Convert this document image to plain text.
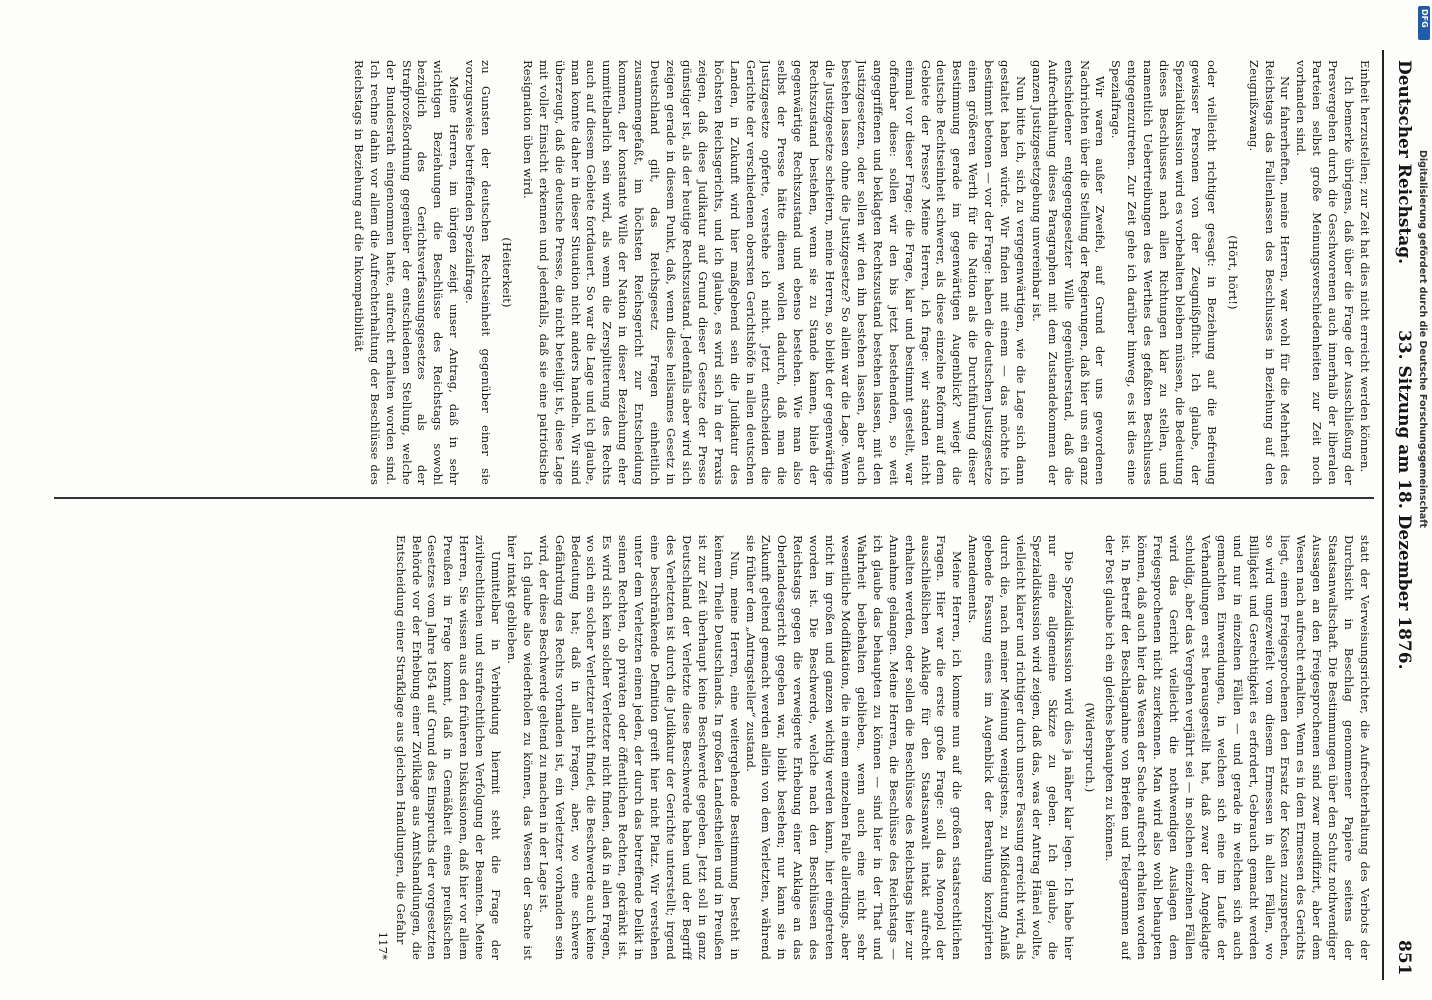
Deutscher Reichstag.
33. Sitzung am 18. Dezember 1876.
851

Einheit herzustellen; zur Zeit hat dies nicht erreicht werden können.

Ich bemerke übrigens, daß über die Frage der Ausschließung der Presvergehen durch die Geschworenen auch innerhalb der liberalen Parteien selbst große Meinungsverschiedenheiten zur Zeit noch vorhanden sind.

Nur fahrerheften, meine Herren, war wohl für die Mehrheit des Reichstags das Fallenlassen des Beschlusses in Beziehung auf den Zeugnißzwang.

(Hört, hört!)

oder vielleicht richtiger gesagt: in Beziehung auf die Befreiung gewisser Personen von der Zeugnißpflicht. Ich glaube, der Spezialdiskussion wird es vorbehalten bleiben müssen, die Bedeutung dieses Beschlusses nach allen Richtungen klar zu stellen, und namentlich Uebertreibungen des Werthes des gefaßten Beschlusses entgegenzutreten. Zur Zeit gehe ich darüber hinweg, es ist dies eine Spezialfrage.

Wir waren außer Zweifel, auf Grund der uns gewordenen Nachrichten über die Stellung der Regierungen, daß hier uns ein ganz entschiedener entgegengesetzter Wille gegenüberstand, daß die Aufrechthaltung dieses Paragraphen mit dem Zustandekommen der ganzen Justizgesetzgebung unvereinbar ist.

Nun bitte ich, sich zu vergegenwärtigen, wie die Lage sich dann gestaltet haben würde. Wir finden mit einem — das möchte ich bestimmt betonen — vor der Frage: haben die deutschen Justizgesetze einen größeren Werth für die Nation als die Durchführung dieser Bestimmung gerade im gegenwärtigen Augenblick? wiegt die deutsche Rechtseinheit schwerer, als diese einzelne Reform auf dem Gebiete der Presse? Meine Herren, ich frage: wir standen nicht einmal vor dieser Frage; die Frage, klar und bestimmt gestellt, war offenbar diese: sollen wir den bis jetzt bestehenden, so weit angegriffenen und beklagten Rechtszustand bestehen lassen, mit den Justizgesetzen, oder sollen wir den ihn bestehen lassen, aber auch bestehen lassen ohne die Justizgesetze? So allein war die Lage. Wenn die Justizgesetze scheitern, meine Herren, so bleibt der gegenwärtige Rechtszustand bestehen, wenn sie zu Stande kamen, blieb der gegenwärtige Rechtszustand und ebenso bestehen. Wie man also selbst der Presse hätte dienen wollen dadurch, daß man die Justizgesetze opferte, verstehe ich nicht. Jetzt entscheiden die Gerichte der verschiedenen obersten Gerichtshöfe in allen deutschen Landen, in Zukunft wird hier maßgebend sein die Judikatur des höchsten Reichsgerichts, und ich glaube, es wird sich in der Praxis zeigen, daß diese Judikatur auf Grund dieser Gesetze der Presse günstiger ist, als der heutige Rechtszustand. Jedenfalls aber wird sich zeigen gerade in diesem Punkt, daß, wenn diese heilsames Gesetz in Deutschland gilt, das Reichsgesetz Fragen einheitlich zusammengefaßt, im höchsten Reichsgericht zur Entscheidung kommen, der konstante Wille der Nation in dieser Beziehung eher unmittelbarlich sein wird, als wenn die Zersplitterung des Rechts auch auf diesem Gebiete fortdauert. So war die Lage und ich glaube, man konnte daher in dieser Situation nicht anders handeln. Wir sind überzeugt, daß die deutsche Presse, die nicht beteiligt ist, diese Lage mit voller Einsicht erkennen und jedenfalls, daß sie eine patriotische Resignation üben wird.

(Heiterkeit)

zu Gunsten der deutschen Rechtseinheit gegenüber einer sie vorzugsweise betreffenden Spezialfrage.

Meine Herren, im übrigen zeigt unser Antrag, daß in sehr wichtigen Beziehungen die Beschlüsse des Reichstags sowohl bezüglich des Gerichtsverfassungsgesetzes als der Strafprozeßordnung gegenüber der entschiedenen Stellung, welche der Bundesrath eingenommen hatte, aufrecht erhalten worden sind. Ich rechne dahin vor allem die Aufrechterhaltung der Beschlüsse des Reichstags in Beziehung auf die Inkompatibilität

statt der Verweisungsrichter, die Aufrechterhaltung des Verbots der Durchsicht in Beschlag genommener Papiere seitens der Staatsanwaltschaft. Die Bestimmungen über den Schutz nothwendiger Aussagen an den Freigesprochenen sind zwar modifizirt, aber dem Wesen nach aufrecht erhalten. Wenn es in dem Ermessen des Gerichts liegt, einem Freigesprochenen den Ersatz der Kosten zuzusprechen, so wird ungezweifelt vom diesem Ermessen in allen Fällen, wo Billigkeit und Gerechtigkeit es erfordert, Gebrauch gemacht werden und nur in einzelnen Fällen — und gerade in welchen sich auch gemachten Einwendungen, in welchen sich eine im Laufe der Verhandlungen erst herausgestellt hat, daß zwar der Angeklagte schuldig, aber das Vergehen verjährt sei — in solchen einzelnen Fällen wird das Gericht vielleicht die nothwendigen Auslagen dem Freigesprochenen nicht zuerkennen. Man wird also wohl behaupten können, daß auch hier das Wesen der Sache aufrecht erhalten worden ist. In Betreff der Beschlagnahme von Briefen und Telegrammen auf der Post glaube ich ein gleiches behaupten zu können.

(Widerspruch.)

Die Spezialdiskussion wird dies ja näher klar legen. Ich habe hier nur eine allgemeine Skizze zu geben. Ich glaube, die Spezialdiskussion wird zeigen, daß das, was der Antrag Hänel wollte, vielleicht klarer und richtiger durch unsere Fassung erreicht wird, als durch die, nach meiner Meinung wenigstens, zu Mißdeutung Anlaß gebende Fassung eines im Augenblick der Berathung konzipirten Amendements.

Meine Herren, ich komme nun auf die großen staatsrechtlichen Fragen. Hier war die erste große Frage: soll das Monopol der ausschließlichen Anklage für den Staatsanwalt intakt aufrecht erhalten werden, oder sollen die Beschlüsse des Reichstags hier zur Annahme gelangen. Meine Herren, die Beschlüsse des Reichstags — ich glaube das behaupten zu können — sind hier in der That und Wahrheit beibehalten geblieben, wenn auch eine nicht sehr wesentliche Modifikation, die in einem einzelnen Falle allerdings, aber nicht im großen und ganzen wichtig werden kann, hier eingetreten worden ist. Die Beschwerde, welche nach den Beschlüssen des Reichstags gegen die verweigerte Erhebung einer Anklage an das Oberlandesgericht gegeben war, bleibt bestehen; nur kann sie in Zukunft geltend gemacht werden allein von dem Verletzten, während sie früher dem „Antragsteller“ zustand.

Nun, meine Herren, eine weitergehende Bestimmung besteht in keinem Theile Deutschlands. In großen Landestheilen und in Preußen ist zur Zeit überhaupt keine Beschwerde gegeben. Jetzt soll in ganz Deutschland der Verletzte diese Beschwerde haben und der Begriff des Verletzten ist durch die Judikatur der Gerichte unterstellt; irgend eine beschränkende Definition greift hier nicht Platz. Wir verstehen unter dem Verletzten einen jeden, der durch das betreffende Delikt in seinen Rechten, ob privaten oder öffentlichen Rechten, gekränkt ist. Es wird sich kein solcher Verletzter nicht finden, daß in allen Fragen, wo sich ein solcher Verletzter nicht findet, die Beschwerde auch keine Bedeutung hat; daß in allen Fragen, aber, wo eine schwere Gefährdung des Rechts vorhanden ist, ein Verletzter vorhanden sein wird, der diese Beschwerde geltend zu machen in der Lage ist.

Ich glaube also wiederholen zu können, das Wesen der Sache ist hier intakt geblieben.

Unmittelbar in Verbindung hiermit steht die Frage der zivilrechtlichen und strafrechtlichen Verfolgung der Beamten. Meine Herren, Sie wissen aus den früheren Diskussionen, daß hier vor allem Preußen in Frage kommt, daß in Gemäßheit eines preußischen Gesetzes vom Jahre 1854 auf Grund des Einspruchs der vorgesetzten Behörde vor der Erhebung einer Zivilklage aus Amtshandlungen, die Entscheidung einer Strafklage aus gleichen Handlungen, die Gefahr

117*

DFG
Digitalisierung gefördert durch die Deutsche Forschungsgemeinschaft
